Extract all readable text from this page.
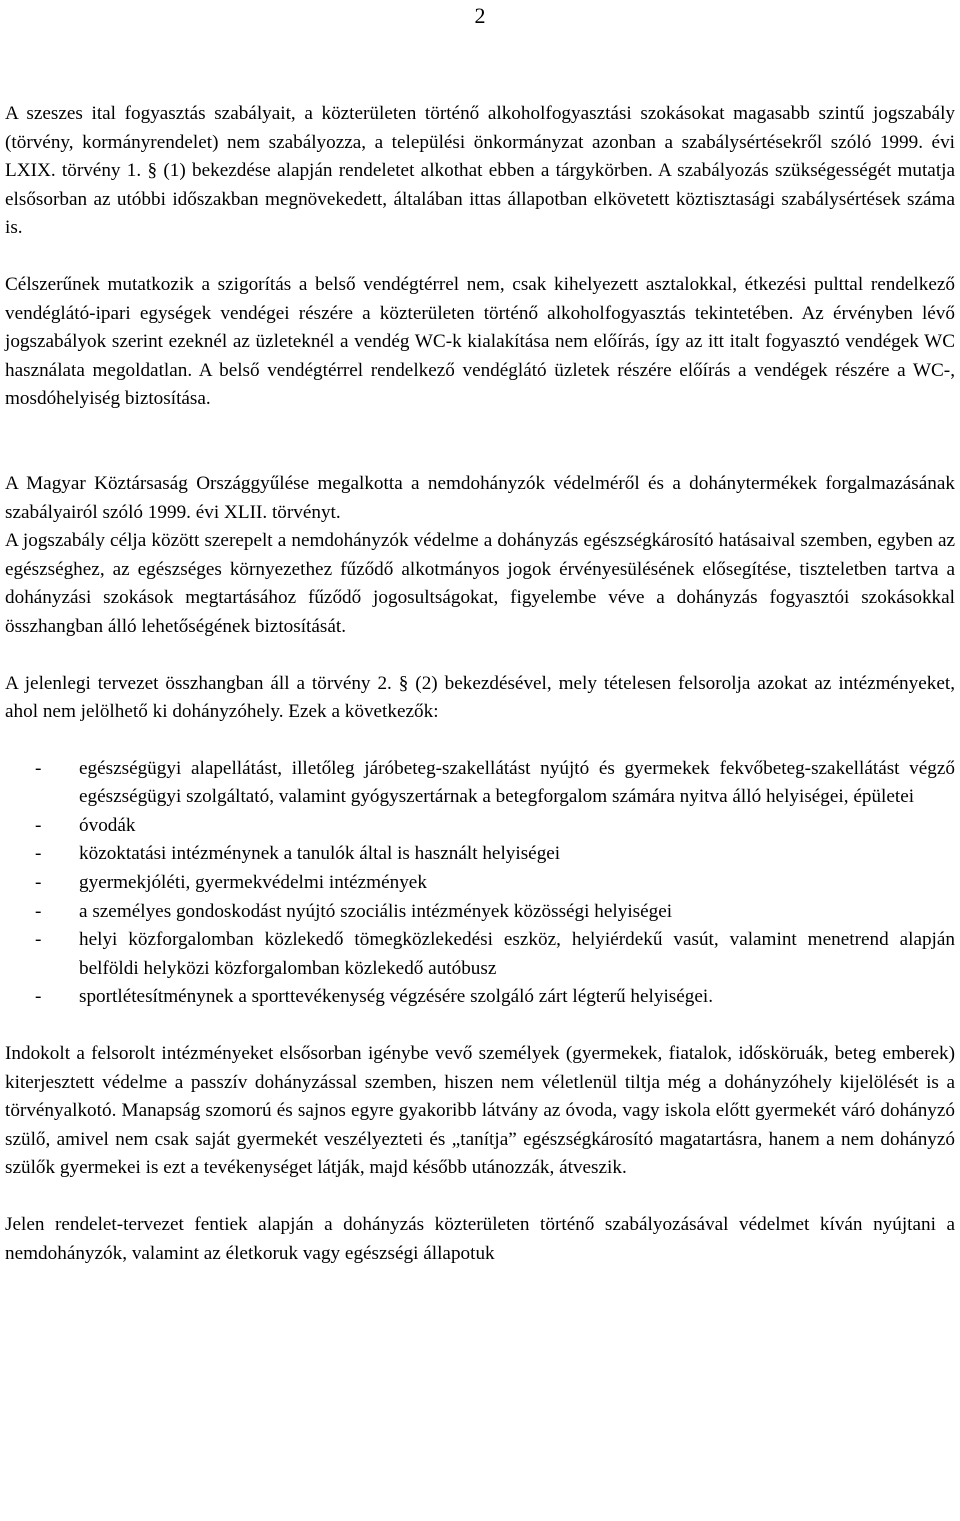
2

A szeszes ital fogyasztás szabályait, a közterületen történő alkoholfogyasztási szokásokat magasabb szintű jogszabály (törvény, kormányrendelet) nem szabályozza, a települési önkormányzat azonban a szabálysértésekről szóló 1999. évi LXIX. törvény 1. § (1) bekezdése alapján rendeletet alkothat ebben a tárgykörben. A szabályozás szükségességét mutatja elsősorban az utóbbi időszakban megnövekedett, általában ittas állapotban elkövetett köztisztasági szabálysértések száma is.

Célszerűnek mutatkozik a szigorítás a belső vendégtérrel nem, csak kihelyezett asztalokkal, étkezési pulttal rendelkező vendéglátó-ipari egységek vendégei részére a közterületen történő alkoholfogyasztás tekintetében. Az érvényben lévő jogszabályok szerint ezeknél az üzleteknél a vendég WC-k kialakítása nem előírás, így az itt italt fogyasztó vendégek WC használata megoldatlan. A belső vendégtérrel rendelkező vendéglátó üzletek részére előírás a vendégek részére a WC-, mosdóhelyiség biztosítása.

A Magyar Köztársaság Országgyűlése megalkotta a nemdohányzók védelméről és a dohánytermékek forgalmazásának szabályairól szóló 1999. évi XLII. törvényt.

A jogszabály célja között szerepelt a nemdohányzók védelme a dohányzás egészségkárosító hatásaival szemben, egyben az egészséghez, az egészséges környezethez fűződő alkotmányos jogok érvényesülésének elősegítése, tiszteletben tartva a dohányzási szokások megtartásához fűződő jogosultságokat, figyelembe véve a dohányzás fogyasztói szokásokkal összhangban álló lehetőségének biztosítását.

A jelenlegi tervezet összhangban áll a törvény 2. § (2) bekezdésével, mely tételesen felsorolja azokat az intézményeket, ahol nem jelölhető ki dohányzóhely. Ezek a következők:

- egészségügyi alapellátást, illetőleg járóbeteg-szakellátást nyújtó és gyermekek fekvőbeteg-szakellátást végző egészségügyi szolgáltató, valamint gyógyszertárnak a betegforgalom számára nyitva álló helyiségei, épületei
- óvodák
- közoktatási intézménynek a tanulók által is használt helyiségei
- gyermekjóléti, gyermekvédelmi intézmények
- a személyes gondoskodást nyújtó szociális intézmények közösségi helyiségei
- helyi közforgalomban közlekedő tömegközlekedési eszköz, helyiérdekű vasút, valamint menetrend alapján belföldi helyközi közforgalomban közlekedő autóbusz
- sportlétesítménynek a sporttevékenység végzésére szolgáló zárt légterű helyiségei.

Indokolt a felsorolt intézményeket elsősorban igénybe vevő személyek (gyermekek, fiatalok, idősköruák, beteg emberek) kiterjesztett védelme a passzív dohányzással szemben, hiszen nem véletlenül tiltja még a dohányzóhely kijelölését is a törvényalkotó. Manapság szomorú és sajnos egyre gyakoribb látvány az óvoda, vagy iskola előtt gyermekét váró dohányzó szülő, amivel nem csak saját gyermekét veszélyezteti és „tanítja” egészségkárosító magatartásra, hanem a nem dohányzó szülők gyermekei is ezt a tevékenységet látják, majd később utánozzák, átveszik.

Jelen rendelet-tervezet fentiek alapján a dohányzás közterületen történő szabályozásával védelmet kíván nyújtani a nemdohányzók, valamint az életkoruk vagy egészségi állapotuk
